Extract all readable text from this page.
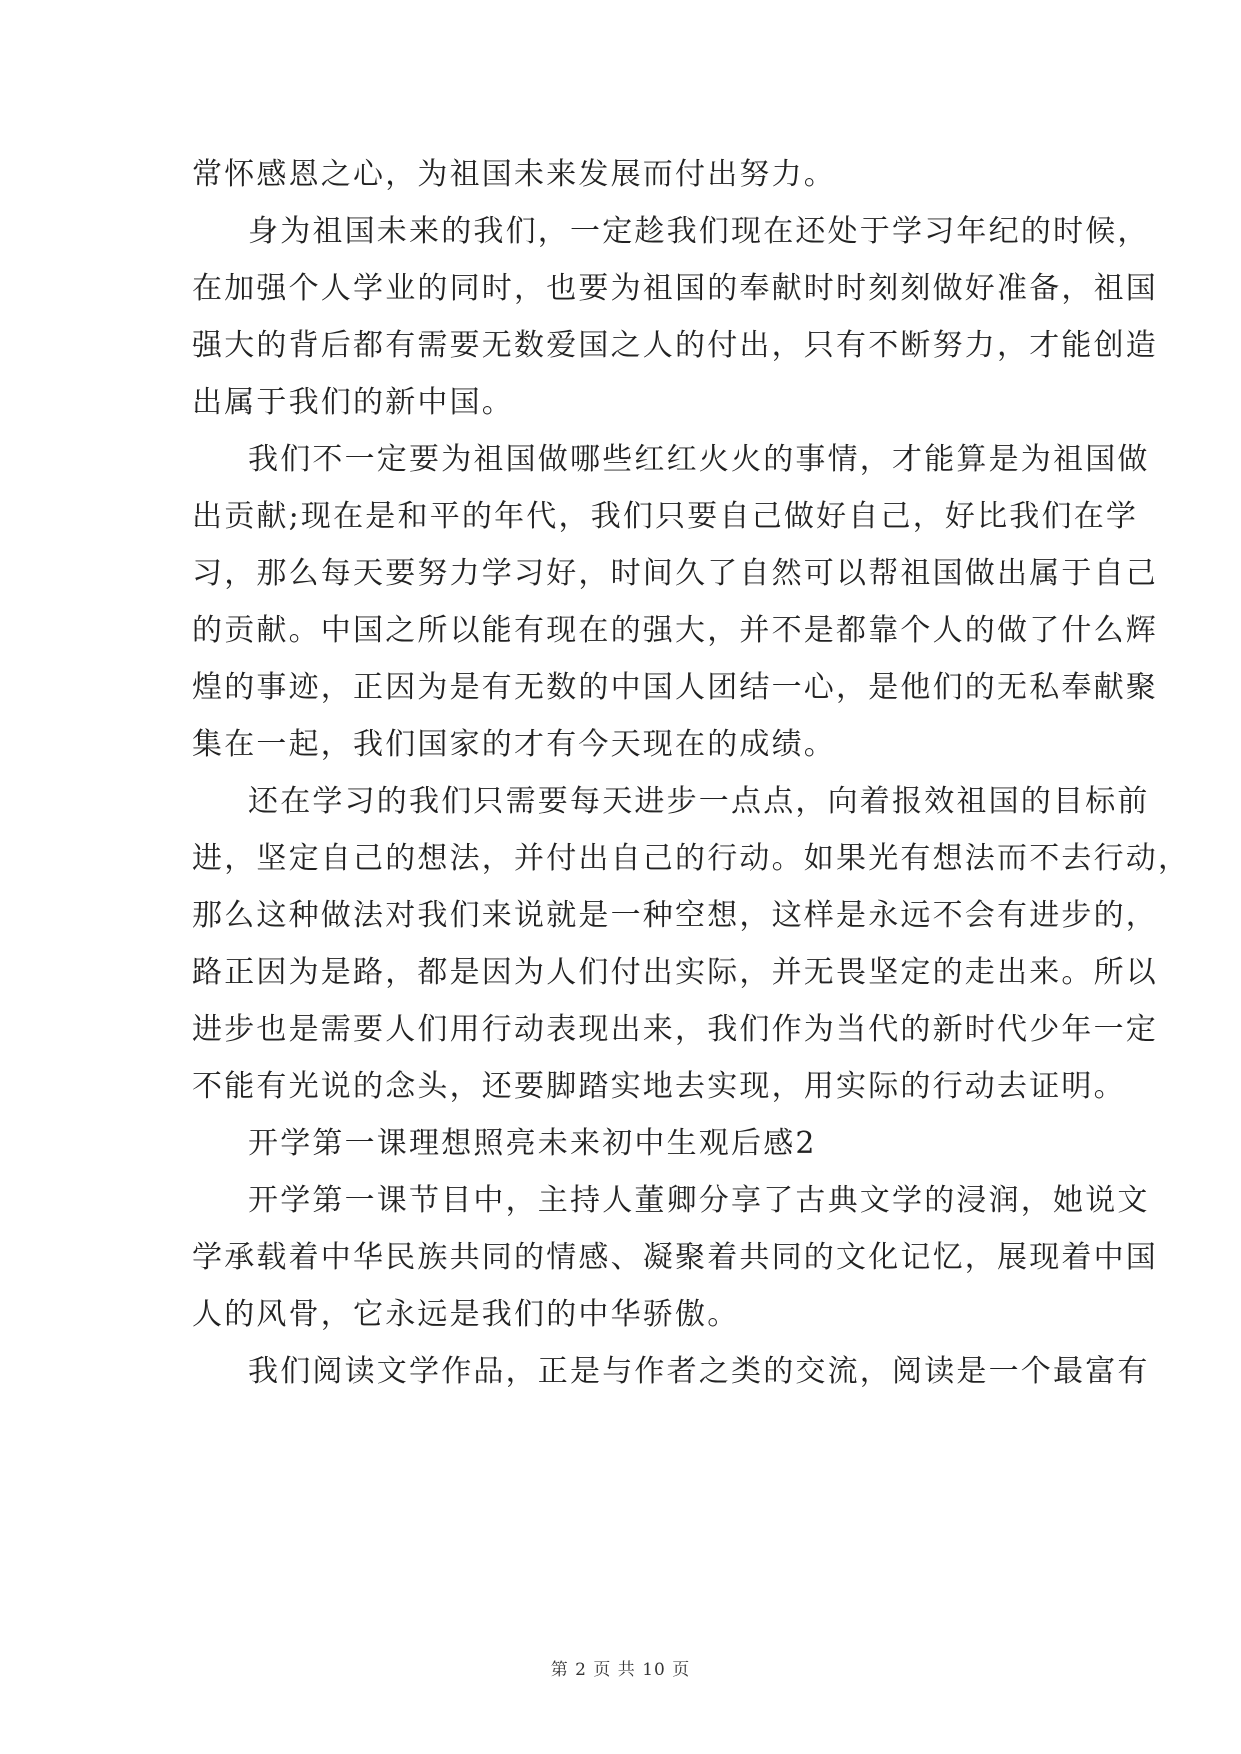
常怀感恩之心，为祖国未来发展而付出努力。
身为祖国未来的我们，一定趁我们现在还处于学习年纪的时候，
在加强个人学业的同时，也要为祖国的奉献时时刻刻做好准备，祖国
强大的背后都有需要无数爱国之人的付出，只有不断努力，才能创造
出属于我们的新中国。
我们不一定要为祖国做哪些红红火火的事情，才能算是为祖国做
出贡献;现在是和平的年代，我们只要自己做好自己，好比我们在学
习，那么每天要努力学习好，时间久了自然可以帮祖国做出属于自己
的贡献。中国之所以能有现在的强大，并不是都靠个人的做了什么辉
煌的事迹，正因为是有无数的中国人团结一心，是他们的无私奉献聚
集在一起，我们国家的才有今天现在的成绩。
还在学习的我们只需要每天进步一点点，向着报效祖国的目标前
进，坚定自己的想法，并付出自己的行动。如果光有想法而不去行动，
那么这种做法对我们来说就是一种空想，这样是永远不会有进步的，
路正因为是路，都是因为人们付出实际，并无畏坚定的走出来。所以
进步也是需要人们用行动表现出来，我们作为当代的新时代少年一定
不能有光说的念头，还要脚踏实地去实现，用实际的行动去证明。
开学第一课理想照亮未来初中生观后感2
开学第一课节目中，主持人董卿分享了古典文学的浸润，她说文
学承载着中华民族共同的情感、凝聚着共同的文化记忆，展现着中国
人的风骨，它永远是我们的中华骄傲。
我们阅读文学作品，正是与作者之类的交流，阅读是一个最富有
第 2 页 共 10 页
